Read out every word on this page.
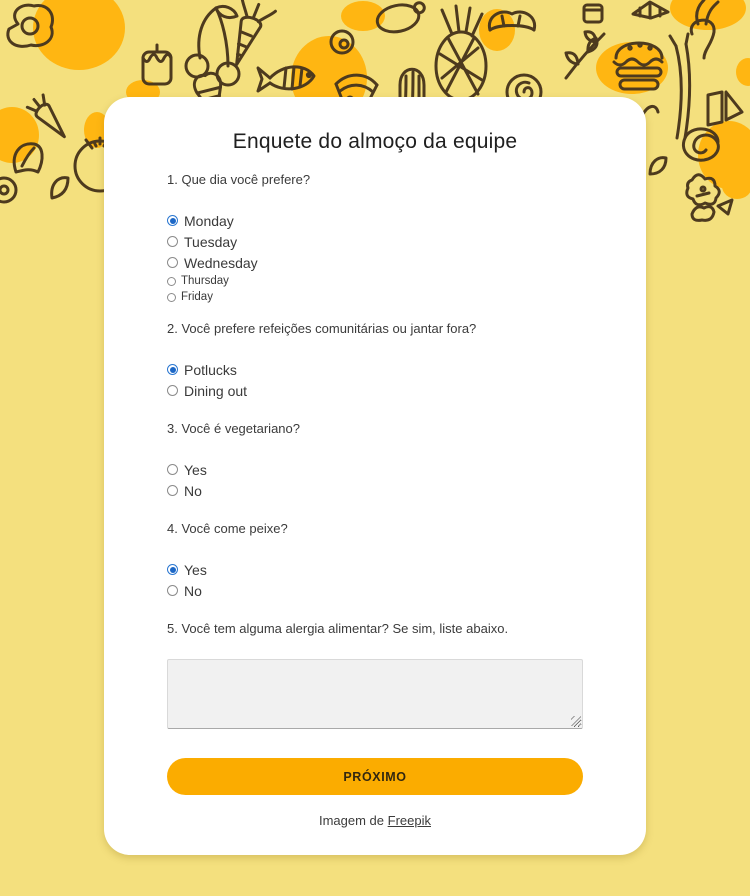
Enquete do almoço da equipe
1. Que dia você prefere?
Monday
Tuesday
Wednesday
Thursday
Friday
2. Você prefere refeições comunitárias ou jantar fora?
Potlucks
Dining out
3. Você é vegetariano?
Yes
No
4. Você come peixe?
Yes
No
5. Você tem alguma alergia alimentar? Se sim, liste abaixo.
PRÓXIMO
Imagem de Freepik
